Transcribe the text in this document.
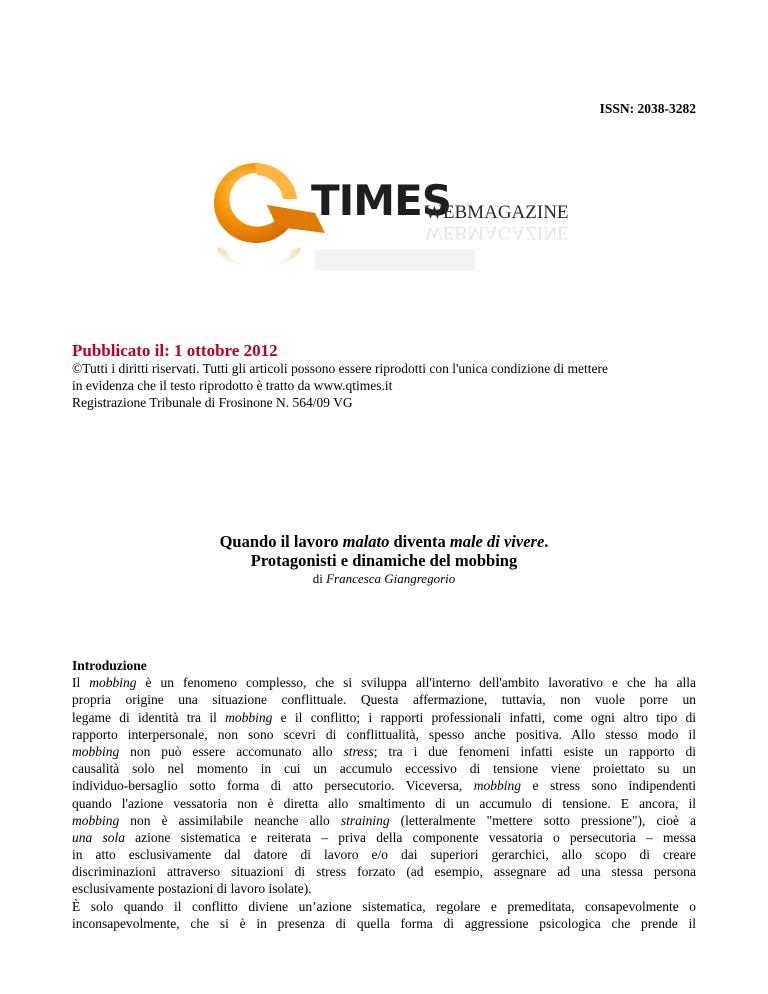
ISSN: 2038-3282
TIMES
WEBMAGAZINE
WEBMAGAZINE
Pubblicato il: 1 ottobre 2012
©Tutti i diritti riservati. Tutti gli articoli possono essere riprodotti con l'unica condizione di mettere
in evidenza che il testo riprodotto è tratto da www.qtimes.it
Registrazione Tribunale di Frosinone N. 564/09 VG
Quando il lavoro malato diventa male di vivere.
Protagonisti e dinamiche del mobbing
di Francesca Giangregorio
Introduzione
Il mobbing è un fenomeno complesso, che si sviluppa all'interno dell'ambito lavorativo e che ha alla
propria origine una situazione conflittuale. Questa affermazione, tuttavia, non vuole porre un
legame di identità tra il mobbing e il conflitto; i rapporti professionali infatti, come ogni altro tipo di
rapporto interpersonale, non sono scevri di conflittualità, spesso anche positiva. Allo stesso modo il
mobbing non può essere accomunato allo stress; tra i due fenomeni infatti esiste un rapporto di
causalità solo nel momento in cui un accumulo eccessivo di tensione viene proiettato su un
individuo-bersaglio sotto forma di atto persecutorio. Viceversa, mobbing e stress sono indipendenti
quando l'azione vessatoria non è diretta allo smaltimento di un accumulo di tensione. E ancora, il
mobbing non è assimilabile neanche allo straining (letteralmente "mettere sotto pressione"), cioè a
una sola azione sistematica e reiterata – priva della componente vessatoria o persecutoria – messa
in atto esclusivamente dal datore di lavoro e/o dai superiori gerarchici, allo scopo di creare
discriminazioni attraverso situazioni di stress forzato (ad esempio, assegnare ad una stessa persona
esclusivamente postazioni di lavoro isolate).
È solo quando il conflitto diviene un’azione sistematica, regolare e premeditata, consapevolmente o
inconsapevolmente, che si è in presenza di quella forma di aggressione psicologica che prende il
